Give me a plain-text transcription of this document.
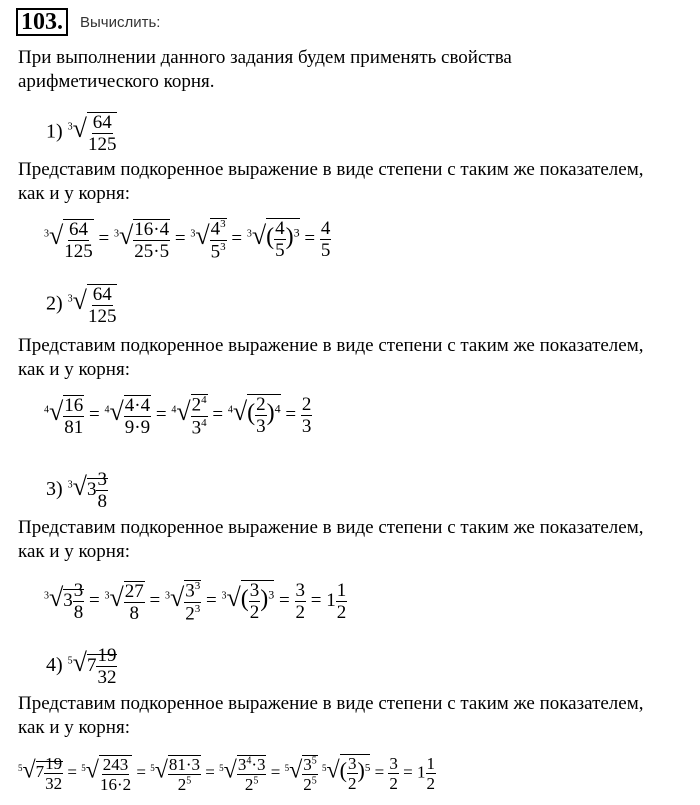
103.	Вычислить:
При выполнении данного задания будем применять свойства
арифметического корня.
1) $^3√ \frac{64}{125}$
Представим подкоренное выражение в виде степени с таким же показателем,
как и у корня:
$^3√ \frac{64}{125} = ^3√ \frac{16\cdot 4}{25\cdot 5} = ^3√ \frac{4^3}{5^3} = ^3√( \frac{4}{5} )^3 = \frac{4}{5}$
2) $^3√ \frac{64}{125}$
Представим подкоренное выражение в виде степени с таким же показателем,
как и у корня:
$^4√ \frac{16}{81} = ^4√ \frac{4\cdot 4}{9\cdot 9} = ^4√ \frac{2^4}{3^4} = ^4√( \frac{2}{3} )^4 = \frac{2}{3}$
3) $^3√3 \frac{3}{8}$
Представим подкоренное выражение в виде степени с таким же показателем,
как и у корня:
$^3√3 \frac{3}{8} = ^3√ \frac{27}{8} = ^3√ \frac{3^3}{2^3} = ^3√( \frac{3}{2} )^3 = \frac{3}{2} = 1 \frac{1}{2}$
4) $^5√7 \frac{19}{32}$
Представим подкоренное выражение в виде степени с таким же показателем,
как и у корня:
$^5√7 \frac{19}{32} = ^5√ \frac{243}{16\cdot 2} = ^5√ \frac{81\cdot 3}{2^5} = ^5√ \frac{3^4\cdot 3}{2^5} = ^5√ \frac{3^5}{2^5} ^5√( \frac{3}{2} )^5 = \frac{3}{2} = 1 \frac{1}{2}$
